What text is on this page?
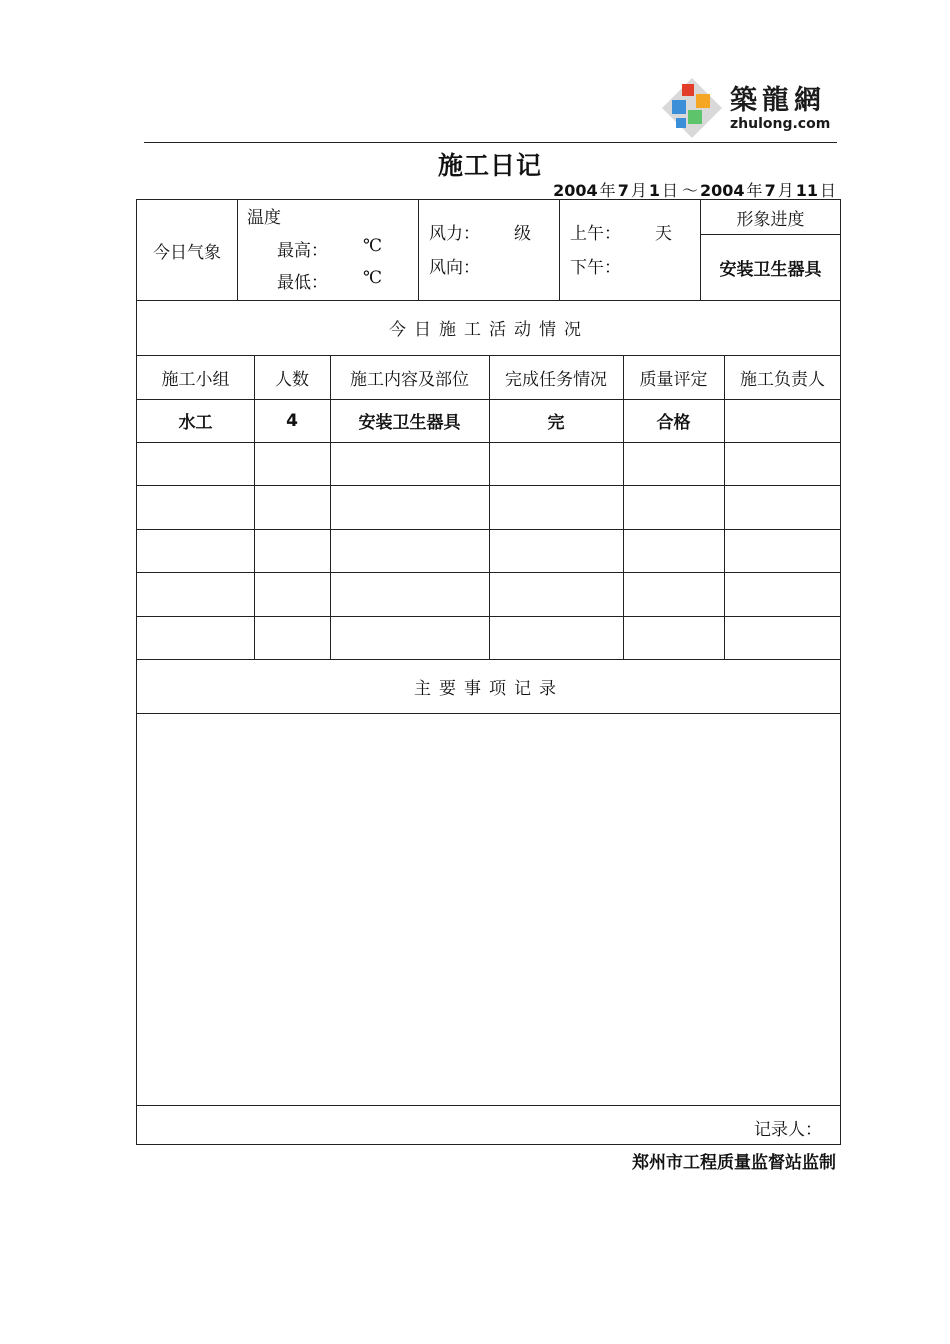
築龍網
zhulong.com
施工日记
2004 年 7 月 1 日 ～ 2004 年 7 月 11 日
今日气象
温度
最高： ℃
最低： ℃
风力： 级
风向：
上午： 天
下午：
形象进度
安装卫生器具
今日施工活动情况
施工小组	人数	施工内容及部位	完成任务情况	质量评定	施工负责人
水工	4	安装卫生器具	完	合格
主要事项记录
记录人：
郑州市工程质量监督站监制
